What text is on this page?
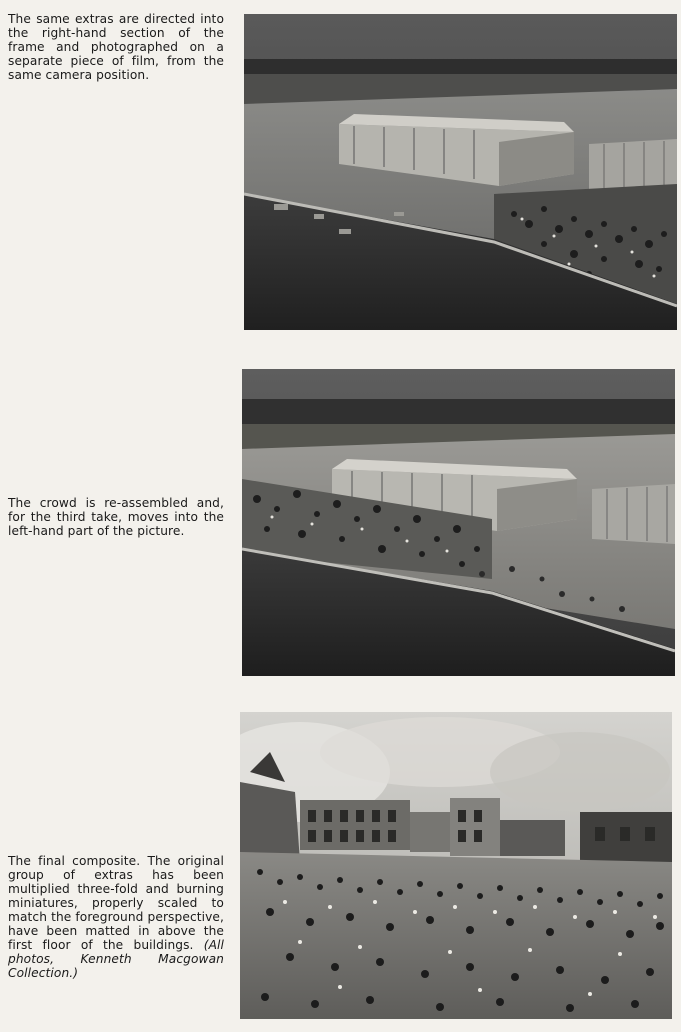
The same extras are directed into the right-hand section of the frame and photographed on a separate piece of film, from the same camera position.
The crowd is re-assembled and, for the third take, moves into the left-hand part of the picture.
The final composite. The original group of extras has been multiplied three-fold and burning miniatures, properly scaled to match the foreground perspective, have been matted in above the first floor of the buildings. (All photos, Kenneth Macgowan Collection.)
